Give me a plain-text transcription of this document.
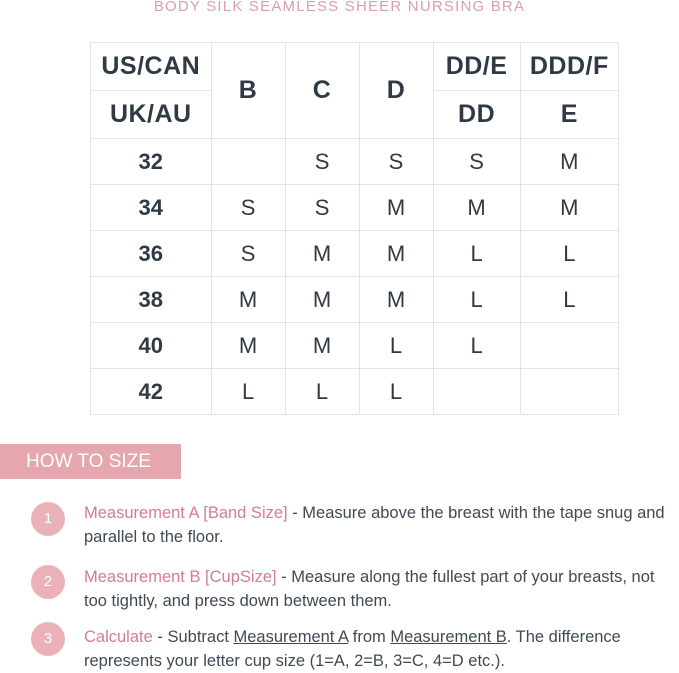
BODY SILK SEAMLESS SHEER NURSING BRA
US/CAN	B	C	D	DD/E	DDD/F
UK/AU				DD	E
32		S	S	S	M
34	S	S	M	M	M
36	S	M	M	L	L
38	M	M	M	L	L
40	M	M	L	L	
42	L	L	L		
HOW TO SIZE
1	Measurement A [Band Size] - Measure above the breast with the tape snug and parallel to the floor.
2	Measurement B [CupSize] - Measure along the fullest part of your breasts, not too tightly, and press down between them.
3	Calculate - Subtract Measurement A from Measurement B. The difference represents your letter cup size (1=A, 2=B, 3=C, 4=D etc.).
